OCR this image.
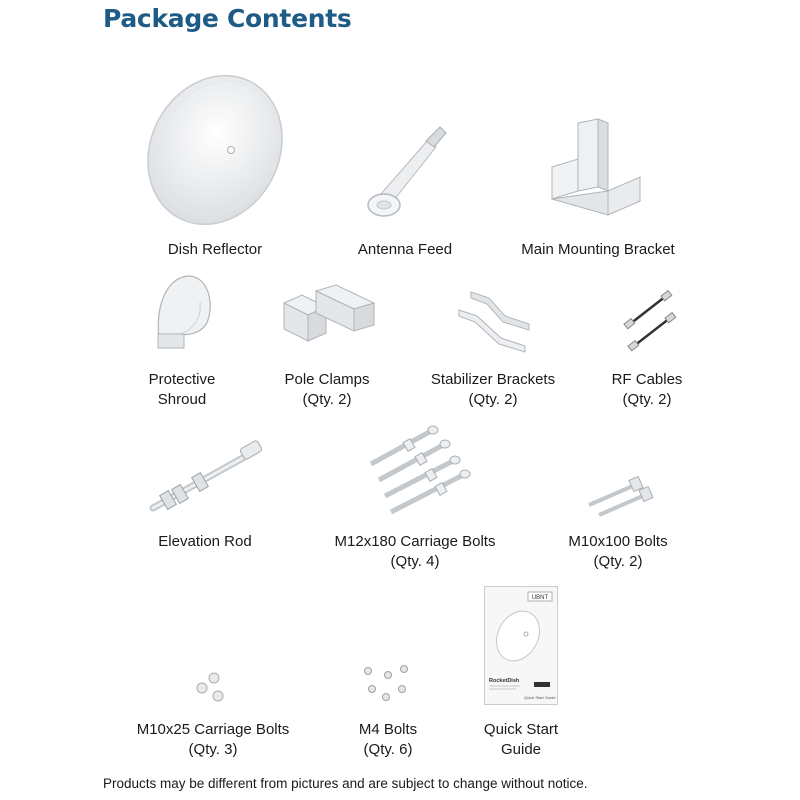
Package Contents
Dish Reflector	Antenna Feed	Main Mounting Bracket
Protective
Shroud
Pole Clamps
(Qty. 2)
Stabilizer Brackets
(Qty. 2)
RF Cables
(Qty. 2)
Elevation Rod	M12x180 Carriage Bolts
(Qty. 4)
M10x100 Bolts
(Qty. 2)
M10x25 Carriage Bolts
(Qty. 3)
M4 Bolts
(Qty. 6)
UBNT
RocketDish
Quick Start Guide
Quick Start
Guide
Products may be different from pictures and are subject to change without notice.
